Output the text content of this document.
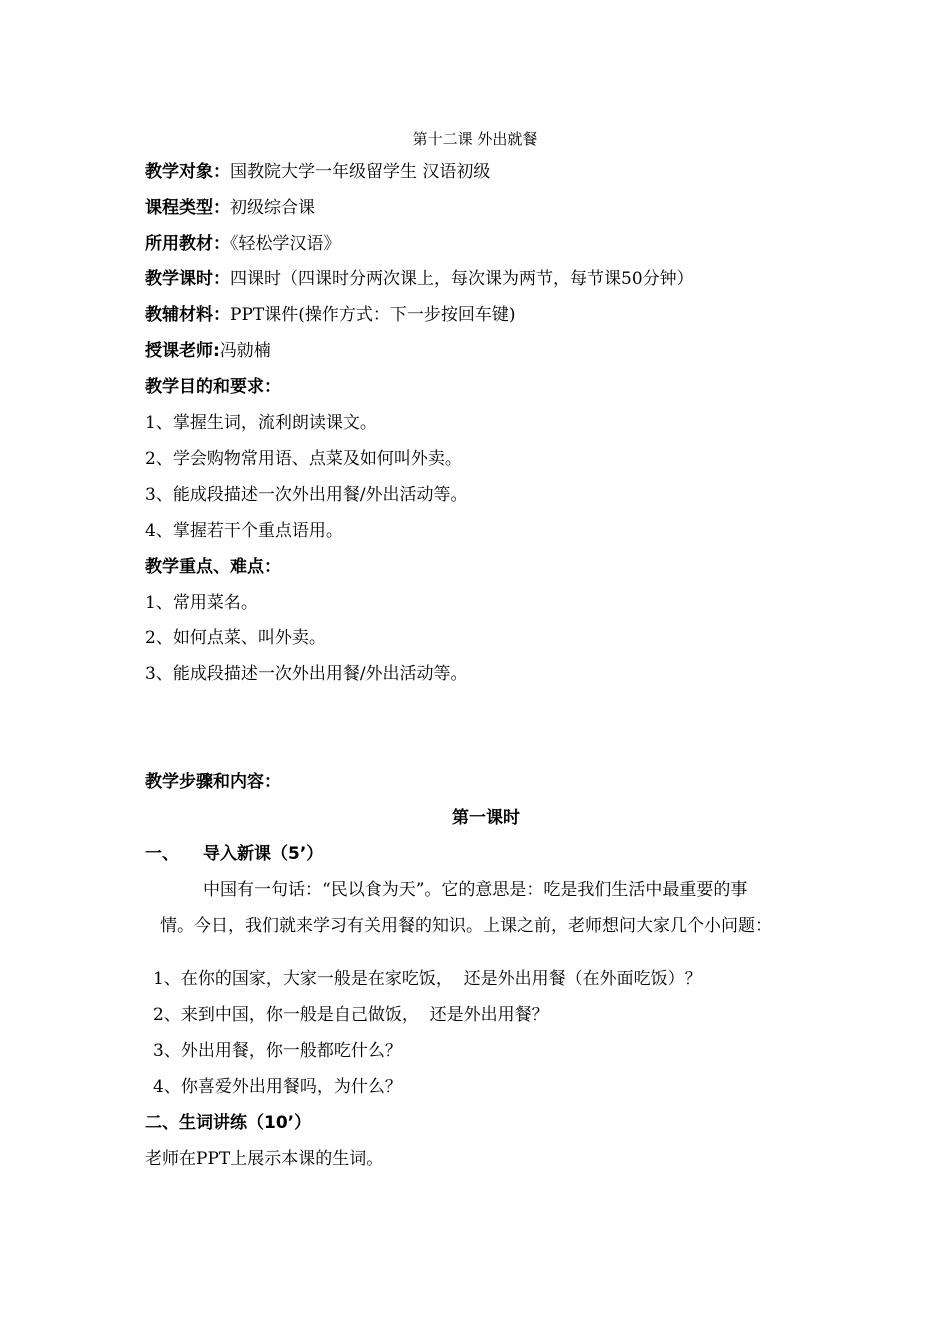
第十二课 外出就餐
教学对象：国教院大学一年级留学生 汉语初级
课程类型：初级综合课
所用教材：《轻松学汉语》
教学课时：四课时（四课时分两次课上，每次课为两节，每节课50分钟）
教辅材料：PPT课件(操作方式：下一步按回车键)
授课老师:冯勍楠
教学目的和要求：
1、掌握生词，流利朗读课文。
2、学会购物常用语、点菜及如何叫外卖。
3、能成段描述一次外出用餐/外出活动等。
4、掌握若干个重点语用。
教学重点、难点：
1、常用菜名。
2、如何点菜、叫外卖。
3、能成段描述一次外出用餐/外出活动等。
教学步骤和内容：
第一课时
一、 导入新课（5’）
中国有一句话：“民以食为天”。它的意思是：吃是我们生活中最重要的事
情。今日，我们就来学习有关用餐的知识。上课之前，老师想问大家几个小问题：
1、在你的国家，大家一般是在家吃饭，  还是外出用餐（在外面吃饭）？
2、来到中国，你一般是自己做饭，  还是外出用餐？
3、外出用餐，你一般都吃什么？
4、你喜爱外出用餐吗，为什么？
二、生词讲练（10’）
老师在PPT上展示本课的生词。
